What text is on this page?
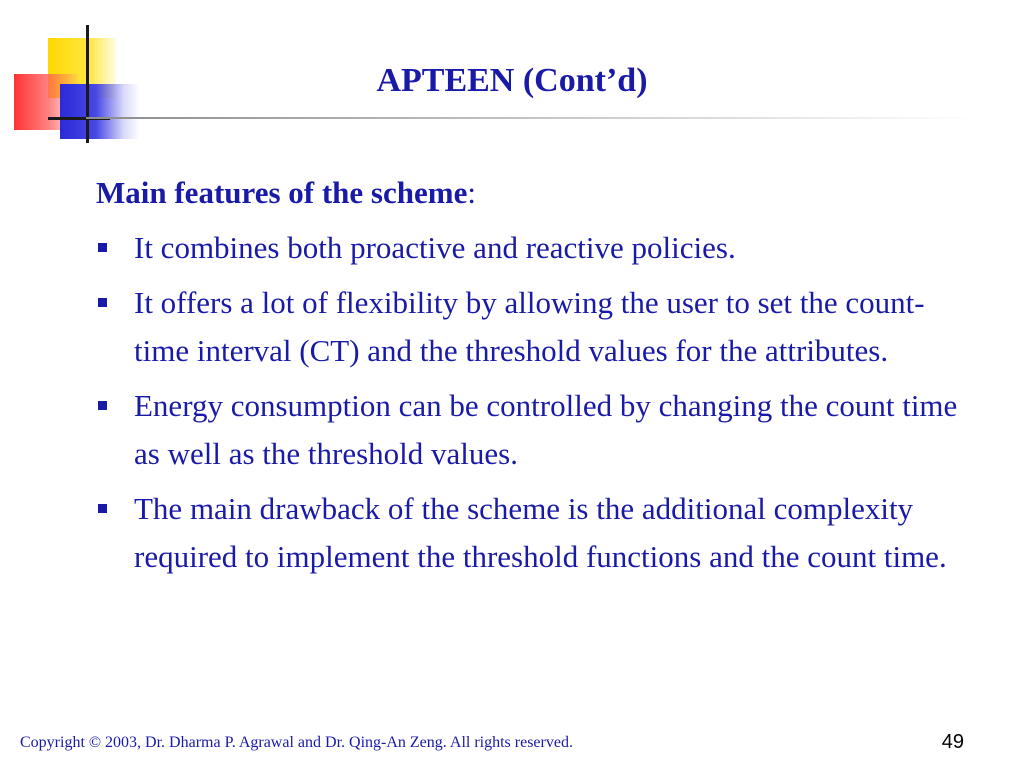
APTEEN (Cont’d)

Main features of the scheme:

It combines both proactive and reactive policies.
It offers a lot of flexibility by allowing the user to set the count-time interval (CT) and the threshold values for the attributes.
Energy consumption can be controlled by changing the count time as well as the threshold values.
The main drawback of the scheme is the additional complexity required to implement the threshold functions and the count time.
Copyright © 2003, Dr. Dharma P. Agrawal and Dr. Qing-An Zeng. All rights reserved.	49
